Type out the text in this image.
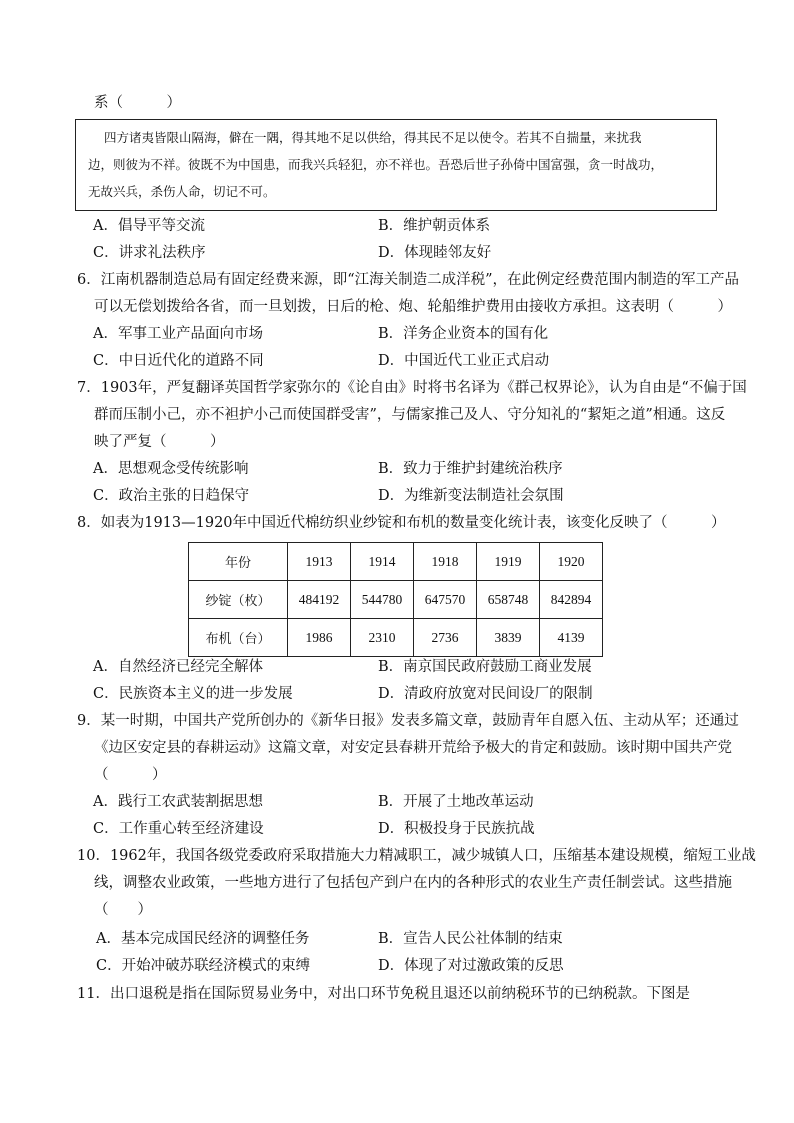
系（　　　）

四方诸夷皆限山隔海，僻在一隅，得其地不足以供给，得其民不足以使令。若其不自揣量，来扰我

边，则彼为不祥。彼既不为中国患，而我兴兵轻犯，亦不祥也。吾恐后世子孙倚中国富强，贪一时战功，

无故兴兵，杀伤人命，切记不可。

A．倡导平等交流	B．维护朝贡体系
C．讲求礼法秩序	D．体现睦邻友好
6．江南机器制造总局有固定经费来源，即“江海关制造二成洋税”，在此例定经费范围内制造的军工产品
可以无偿划拨给各省，而一旦划拨，日后的枪、炮、轮船维护费用由接收方承担。这表明（　　　）
A．军事工业产品面向市场	B．洋务企业资本的国有化
C．中日近代化的道路不同	D．中国近代工业正式启动
7．1903年，严复翻译英国哲学家弥尔的《论自由》时将书名译为《群己权界论》，认为自由是“不偏于国
群而压制小己，亦不袒护小己而使国群受害”，与儒家推己及人、守分知礼的“絜矩之道”相通。这反
映了严复（　　　）
A．思想观念受传统影响	B．致力于维护封建统治秩序
C．政治主张的日趋保守	D．为维新变法制造社会氛围
8．如表为1913—1920年中国近代棉纺织业纱锭和布机的数量变化统计表，该变化反映了（　　　）
年份	1913	1914	1918	1919	1920
纱锭（枚）	484192	544780	647570	658748	842894
布机（台）	1986	2310	2736	3839	4139
A．自然经济已经完全解体	B．南京国民政府鼓励工商业发展
C．民族资本主义的进一步发展	D．清政府放宽对民间设厂的限制
9．某一时期，中国共产党所创办的《新华日报》发表多篇文章，鼓励青年自愿入伍、主动从军；还通过
《边区安定县的春耕运动》这篇文章，对安定县春耕开荒给予极大的肯定和鼓励。该时期中国共产党
（　　　）
A．践行工农武装割据思想	B．开展了土地改革运动
C．工作重心转至经济建设	D．积极投身于民族抗战
10．1962年，我国各级党委政府采取措施大力精减职工，减少城镇人口，压缩基本建设规模，缩短工业战
线，调整农业政策，一些地方进行了包括包产到户在内的各种形式的农业生产责任制尝试。这些措施
（　　）
A．基本完成国民经济的调整任务	B．宣告人民公社体制的结束
C．开始冲破苏联经济模式的束缚	D．体现了对过激政策的反思
11．出口退税是指在国际贸易业务中，对出口环节免税且退还以前纳税环节的已纳税款。下图是
